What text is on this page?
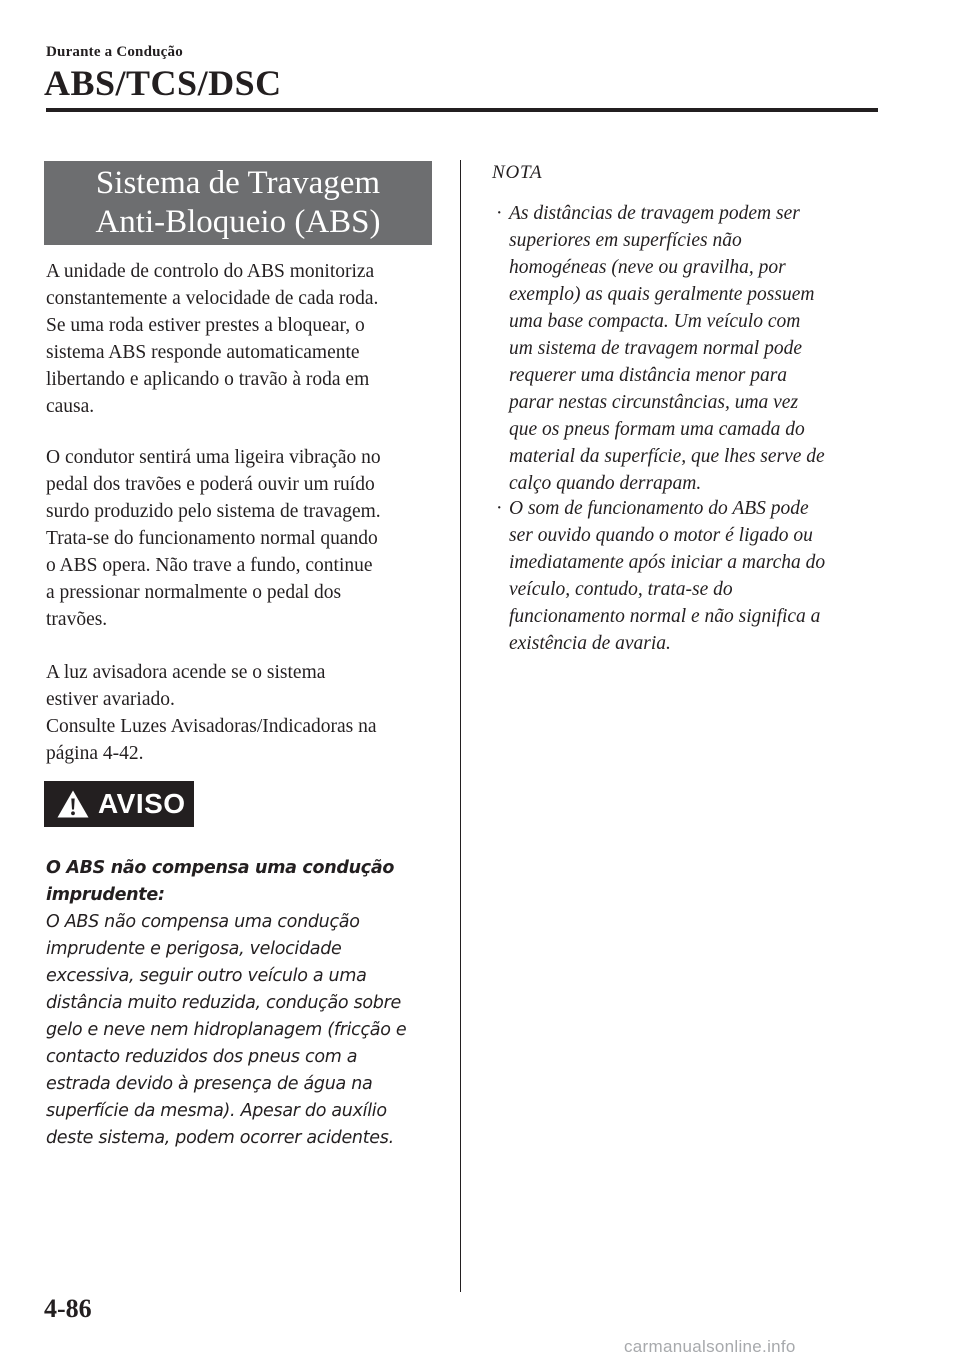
Durante a Condução
ABS/TCS/DSC
Sistema de Travagem
Anti-Bloqueio (ABS)

A unidade de controlo do ABS monitoriza
constantemente a velocidade de cada roda.
Se uma roda estiver prestes a bloquear, o
sistema ABS responde automaticamente
libertando e aplicando o travão à roda em
causa.

O condutor sentirá uma ligeira vibração no
pedal dos travões e poderá ouvir um ruído
surdo produzido pelo sistema de travagem.
Trata-se do funcionamento normal quando
o ABS opera. Não trave a fundo, continue
a pressionar normalmente o pedal dos
travões.

A luz avisadora acende se o sistema
estiver avariado.
Consulte Luzes Avisadoras/Indicadoras na
página 4-42.

AVISO
O ABS não compensa uma condução
imprudente:
O ABS não compensa uma condução
imprudente e perigosa, velocidade
excessiva, seguir outro veículo a uma
distância muito reduzida, condução sobre
gelo e neve nem hidroplanagem (fricção e
contacto reduzidos dos pneus com a
estrada devido à presença de água na
superfície da mesma). Apesar do auxílio
deste sistema, podem ocorrer acidentes.
NOTA
· As distâncias de travagem podem ser
superiores em superfícies não
homogéneas (neve ou gravilha, por
exemplo) as quais geralmente possuem
uma base compacta. Um veículo com
um sistema de travagem normal pode
requerer uma distância menor para
parar nestas circunstâncias, uma vez
que os pneus formam uma camada do
material da superfície, que lhes serve de
calço quando derrapam.
· O som de funcionamento do ABS pode
ser ouvido quando o motor é ligado ou
imediatamente após iniciar a marcha do
veículo, contudo, trata-se do
funcionamento normal e não significa a
existência de avaria.
4-86
carmanualsonline.info
